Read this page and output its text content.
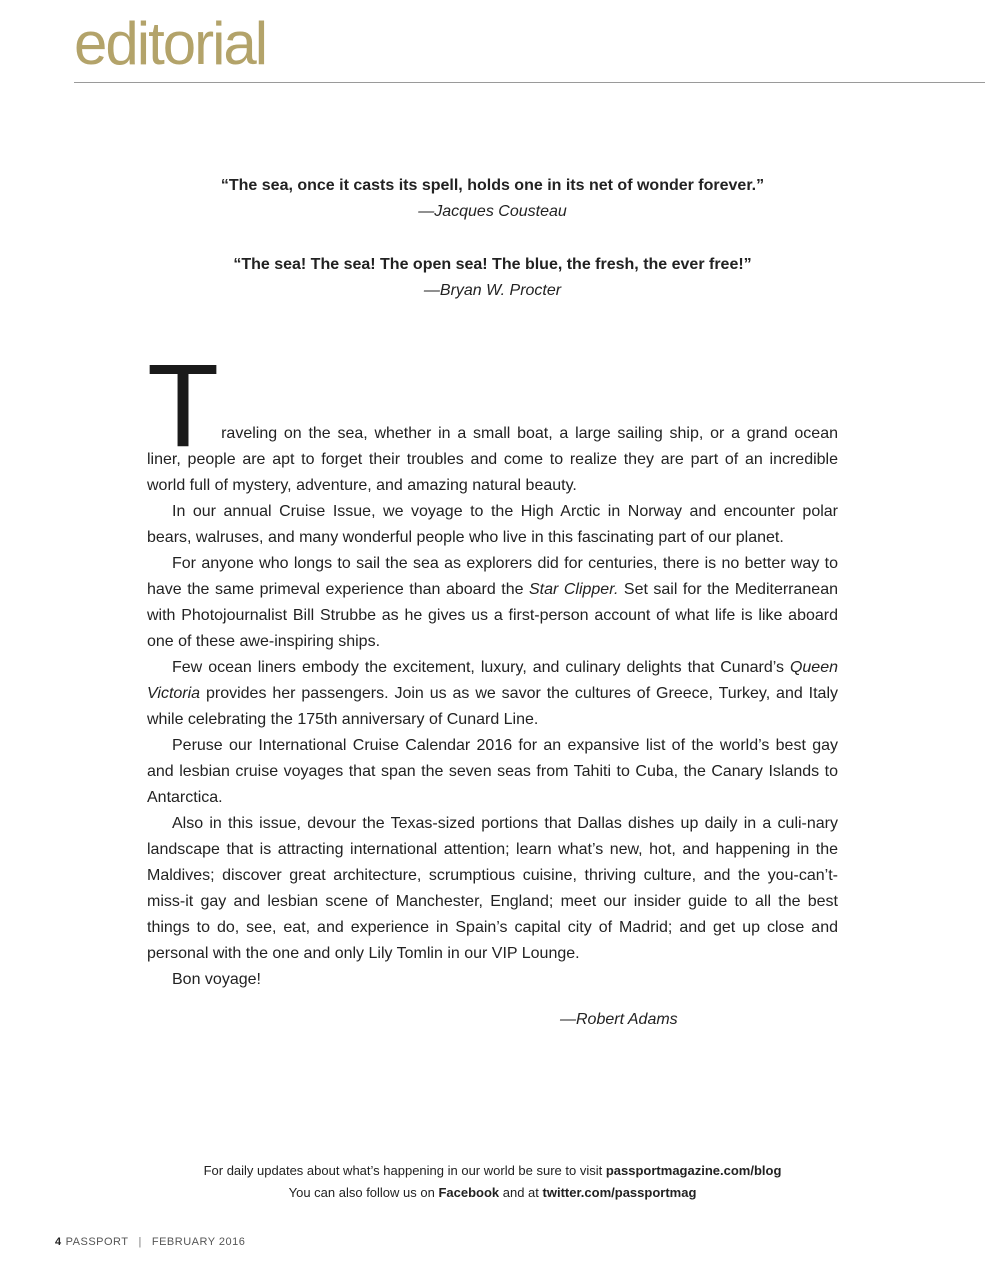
editorial
“The sea, once it casts its spell, holds one in its net of wonder forever.”
—Jacques Cousteau
“The sea! The sea! The open sea! The blue, the fresh, the ever free!”
—Bryan W. Procter

Traveling on the sea, whether in a small boat, a large sailing ship, or a grand ocean liner, people are apt to forget their troubles and come to realize they are part of an incredible world full of mystery, adventure, and amazing natural beauty.

In our annual Cruise Issue, we voyage to the High Arctic in Norway and encounter polar bears, walruses, and many wonderful people who live in this fascinating part of our planet.

For anyone who longs to sail the sea as explorers did for centuries, there is no better way to have the same primeval experience than aboard the Star Clipper. Set sail for the Mediterranean with Photojournalist Bill Strubbe as he gives us a first-person account of what life is like aboard one of these awe-inspiring ships.

Few ocean liners embody the excitement, luxury, and culinary delights that Cunard’s Queen Victoria provides her passengers. Join us as we savor the cultures of Greece, Turkey, and Italy while celebrating the 175th anniversary of Cunard Line.

Peruse our International Cruise Calendar 2016 for an expansive list of the world’s best gay and lesbian cruise voyages that span the seven seas from Tahiti to Cuba, the Canary Islands to Antarctica.

Also in this issue, devour the Texas-sized portions that Dallas dishes up daily in a culi-nary landscape that is attracting international attention; learn what’s new, hot, and happening in the Maldives; discover great architecture, scrumptious cuisine, thriving culture, and the you-can’t-miss-it gay and lesbian scene of Manchester, England; meet our insider guide to all the best things to do, see, eat, and experience in Spain’s capital city of Madrid; and get up close and personal with the one and only Lily Tomlin in our VIP Lounge.

Bon voyage!

—Robert Adams
For daily updates about what’s happening in our world be sure to visit passportmagazine.com/blog
You can also follow us on Facebook and at twitter.com/passportmag
4 PASSPORT | FEBRUARY 2016
